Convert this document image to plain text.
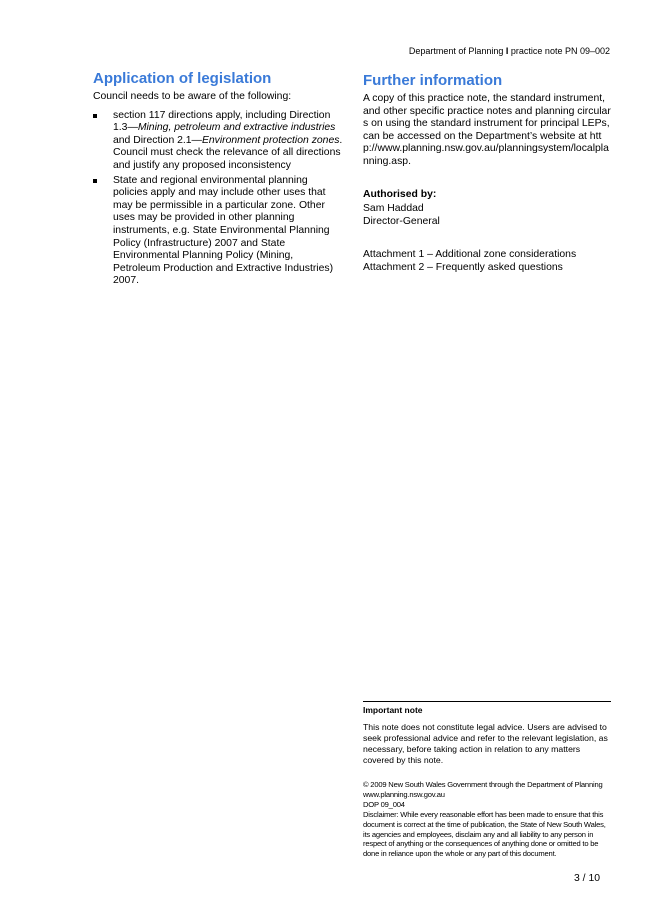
Department of Planning I practice note PN 09–002
Application of legislation

Council needs to be aware of the following:

section 117 directions apply, including Direction 1.3—Mining, petroleum and extractive industries and Direction 2.1—Environment protection zones. Council must check the relevance of all directions and justify any proposed inconsistency
State and regional environmental planning policies apply and may include other uses that may be permissible in a particular zone. Other uses may be provided in other planning instruments, e.g. State Environmental Planning Policy (Infrastructure) 2007 and State Environmental Planning Policy (Mining, Petroleum Production and Extractive Industries) 2007.
Further information

A copy of this practice note, the standard instrument, and other specific practice notes and planning circulars on using the standard instrument for principal LEPs, can be accessed on the Department’s website at http://www.planning.nsw.gov.au/planningsystem/localplanning.asp.

Authorised by:

Sam Haddad

Director-General

Attachment 1 – Additional zone considerations

Attachment 2 – Frequently asked questions

Important note
This note does not constitute legal advice. Users are advised to seek professional advice and refer to the relevant legislation, as necessary, before taking action in relation to any matters covered by this note.
© 2009 New South Wales Government through the Department of Planning
www.planning.nsw.gov.au
DOP 09_004
Disclaimer: While every reasonable effort has been made to ensure that this document is correct at the time of publication, the State of New South Wales, its agencies and employees, disclaim any and all liability to any person in respect of anything or the consequences of anything done or omitted to be done in reliance upon the whole or any part of this document.
3 / 10
